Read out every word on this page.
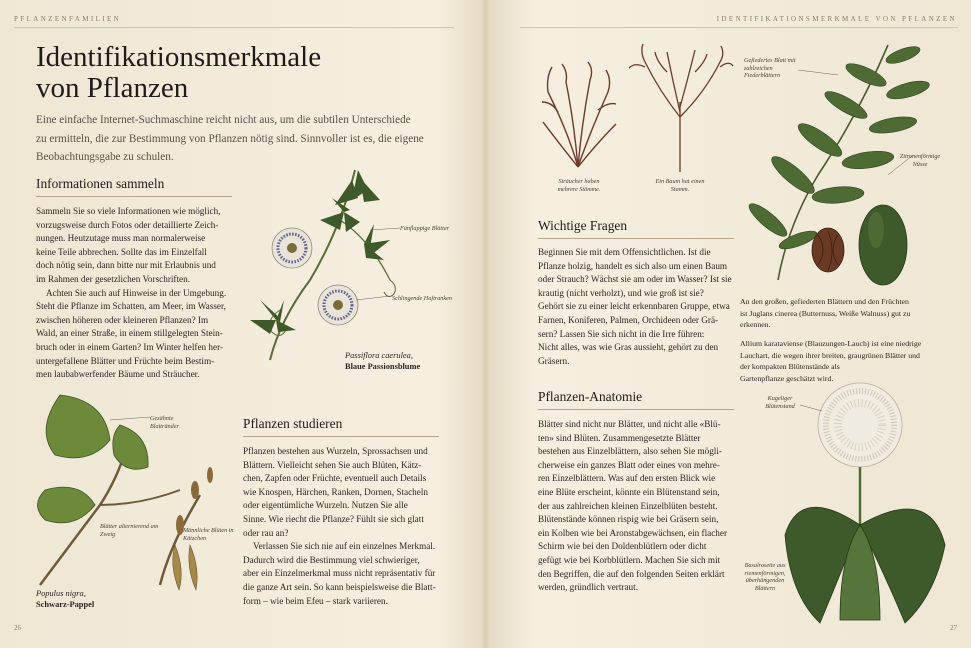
PFLANZENFAMILIEN
Identifikationsmerkmale
von Pflanzen
Eine einfache Internet-Suchmaschine reicht nicht aus, um die subtilen Unterschiede
zu ermitteln, die zur Bestimmung von Pflanzen nötig sind. Sinnvoller ist es, die eigene
Beobachtungsgabe zu schulen.
Informationen sammeln

Sammeln Sie so viele Informationen wie möglich,

vorzugsweise durch Fotos oder detaillierte Zeich-

nungen. Heutzutage muss man normalerweise

keine Teile abbrechen. Sollte das im Einzelfall

doch nötig sein, dann bitte nur mit Erlaubnis und

im Rahmen der gesetzlichen Vorschriften.

Achten Sie auch auf Hinweise in der Umgebung.

Steht die Pflanze im Schatten, am Meer, im Wasser,

zwischen höheren oder kleineren Pflanzen? Im

Wald, an einer Straße, in einem stillgelegten Stein-

bruch oder in einem Garten? Im Winter helfen her-

untergefallene Blätter und Früchte beim Bestim-

men laubabwerfender Bäume und Sträucher.

Fünflappige Blätter
Schlingende Haftranken
Passiflora caerulea,
Blaue Passionsblume
Gezähnte Blattränder
Blätter alternierend am Zweig	Männliche Blüten in Kätzchen
Populus nigra,
Schwarz-Pappel
Pflanzen studieren

Pflanzen bestehen aus Wurzeln, Sprossachsen und

Blättern. Vielleicht sehen Sie auch Blüten, Kätz-

chen, Zapfen oder Früchte, eventuell auch Details

wie Knospen, Härchen, Ranken, Dornen, Stacheln

oder eigentümliche Wurzeln. Nutzen Sie alle

Sinne. Wie riecht die Pflanze? Fühlt sie sich glatt

oder rau an?

Verlassen Sie sich nie auf ein einzelnes Merkmal.

Dadurch wird die Bestimmung viel schwieriger,

aber ein Einzelmerkmal muss nicht repräsentativ für

die ganze Art sein. So kann beispielsweise die Blatt-

form – wie beim Efeu – stark variieren.

26
IDENTIFIKATIONSMERKMALE VON PFLANZEN
Sträucher haben mehrere Stämme.
Ein Baum hat einen Stamm.
Wichtige Fragen

Beginnen Sie mit dem Offensichtlichen. Ist die

Pflanze holzig, handelt es sich also um einen Baum

oder Strauch? Wächst sie am oder im Wasser? Ist sie

krautig (nicht verholzt), und wie groß ist sie?

Gehört sie zu einer leicht erkennbaren Gruppe, etwa

Farnen, Koniferen, Palmen, Orchideen oder Grä-

sern? Lassen Sie sich nicht in die Irre führen:

Nicht alles, was wie Gras aussieht, gehört zu den

Gräsern.

Pflanzen-Anatomie

Blätter sind nicht nur Blätter, und nicht alle «Blü-

ten» sind Blüten. Zusammengesetzte Blätter

bestehen aus Einzelblättern, also sehen Sie mögli-

cherweise ein ganzes Blatt oder eines von mehre-

ren Einzelblättern. Was auf den ersten Blick wie

eine Blüte erscheint, könnte ein Blütenstand sein,

der aus zahlreichen kleinen Einzelblüten besteht.

Blütenstände können rispig wie bei Gräsern sein,

ein Kolben wie bei Aronstabgewächsen, ein flacher

Schirm wie bei den Doldenblütlern oder dicht

gefügt wie bei Korbblütlern. Machen Sie sich mit

den Begriffen, die auf den folgenden Seiten erklärt

werden, gründlich vertraut.

Gefiedertes Blatt mit zahlreichen Fiederblättern
Zitronenförmige Nüsse
An den großen, gefiederten Blättern und den Früchten
ist Juglans cinerea (Butternuss, Weiße Walnuss) gut zu
erkennen.
Allium karataviense (Blauzungen-Lauch) ist eine niedrige
Lauchart, die wegen ihrer breiten, graugrünen Blätter und
der kompakten Blütenstände als
Gartenpflanze geschätzt wird.
Kugeliger Blütenstand
Basalrosette aus riemenförmigen, überhängenden Blättern
27
